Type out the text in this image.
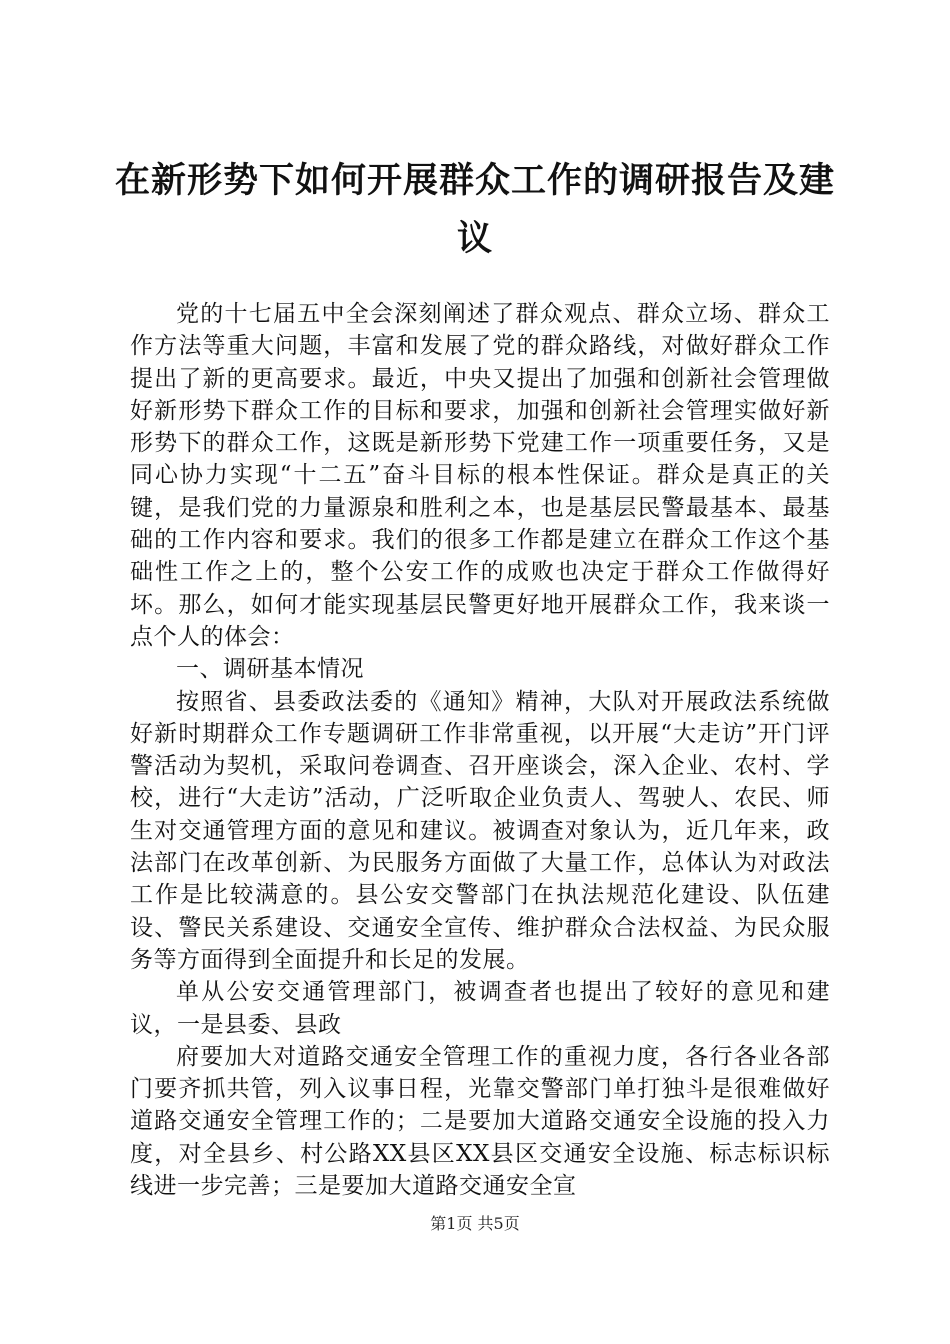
在新形势下如何开展群众工作的调研报告及建议

党的十七届五中全会深刻阐述了群众观点、群众立场、群众工作方法等重大问题，丰富和发展了党的群众路线，对做好群众工作提出了新的更高要求。最近，中央又提出了加强和创新社会管理做好新形势下群众工作的目标和要求，加强和创新社会管理实做好新形势下的群众工作，这既是新形势下党建工作一项重要任务，又是同心协力实现“十二五”奋斗目标的根本性保证。群众是真正的关键，是我们党的力量源泉和胜利之本，也是基层民警最基本、最基础的工作内容和要求。我们的很多工作都是建立在群众工作这个基础性工作之上的，整个公安工作的成败也决定于群众工作做得好坏。那么，如何才能实现基层民警更好地开展群众工作，我来谈一点个人的体会：

一、调研基本情况

按照省、县委政法委的《通知》精神，大队对开展政法系统做好新时期群众工作专题调研工作非常重视，以开展“大走访”开门评警活动为契机，采取问卷调查、召开座谈会，深入企业、农村、学校，进行“大走访”活动，广泛听取企业负责人、驾驶人、农民、师生对交通管理方面的意见和建议。被调查对象认为，近几年来，政法部门在改革创新、为民服务方面做了大量工作，总体认为对政法工作是比较满意的。县公安交警部门在执法规范化建设、队伍建设、警民关系建设、交通安全宣传、维护群众合法权益、为民众服务等方面得到全面提升和长足的发展。

单从公安交通管理部门，被调查者也提出了较好的意见和建议，一是县委、县政

府要加大对道路交通安全管理工作的重视力度，各行各业各部门要齐抓共管，列入议事日程，光靠交警部门单打独斗是很难做好道路交通安全管理工作的；二是要加大道路交通安全设施的投入力度，对全县乡、村公路XX县区XX县区交通安全设施、标志标识标线进一步完善；三是要加大道路交通安全宣

第1页 共5页
